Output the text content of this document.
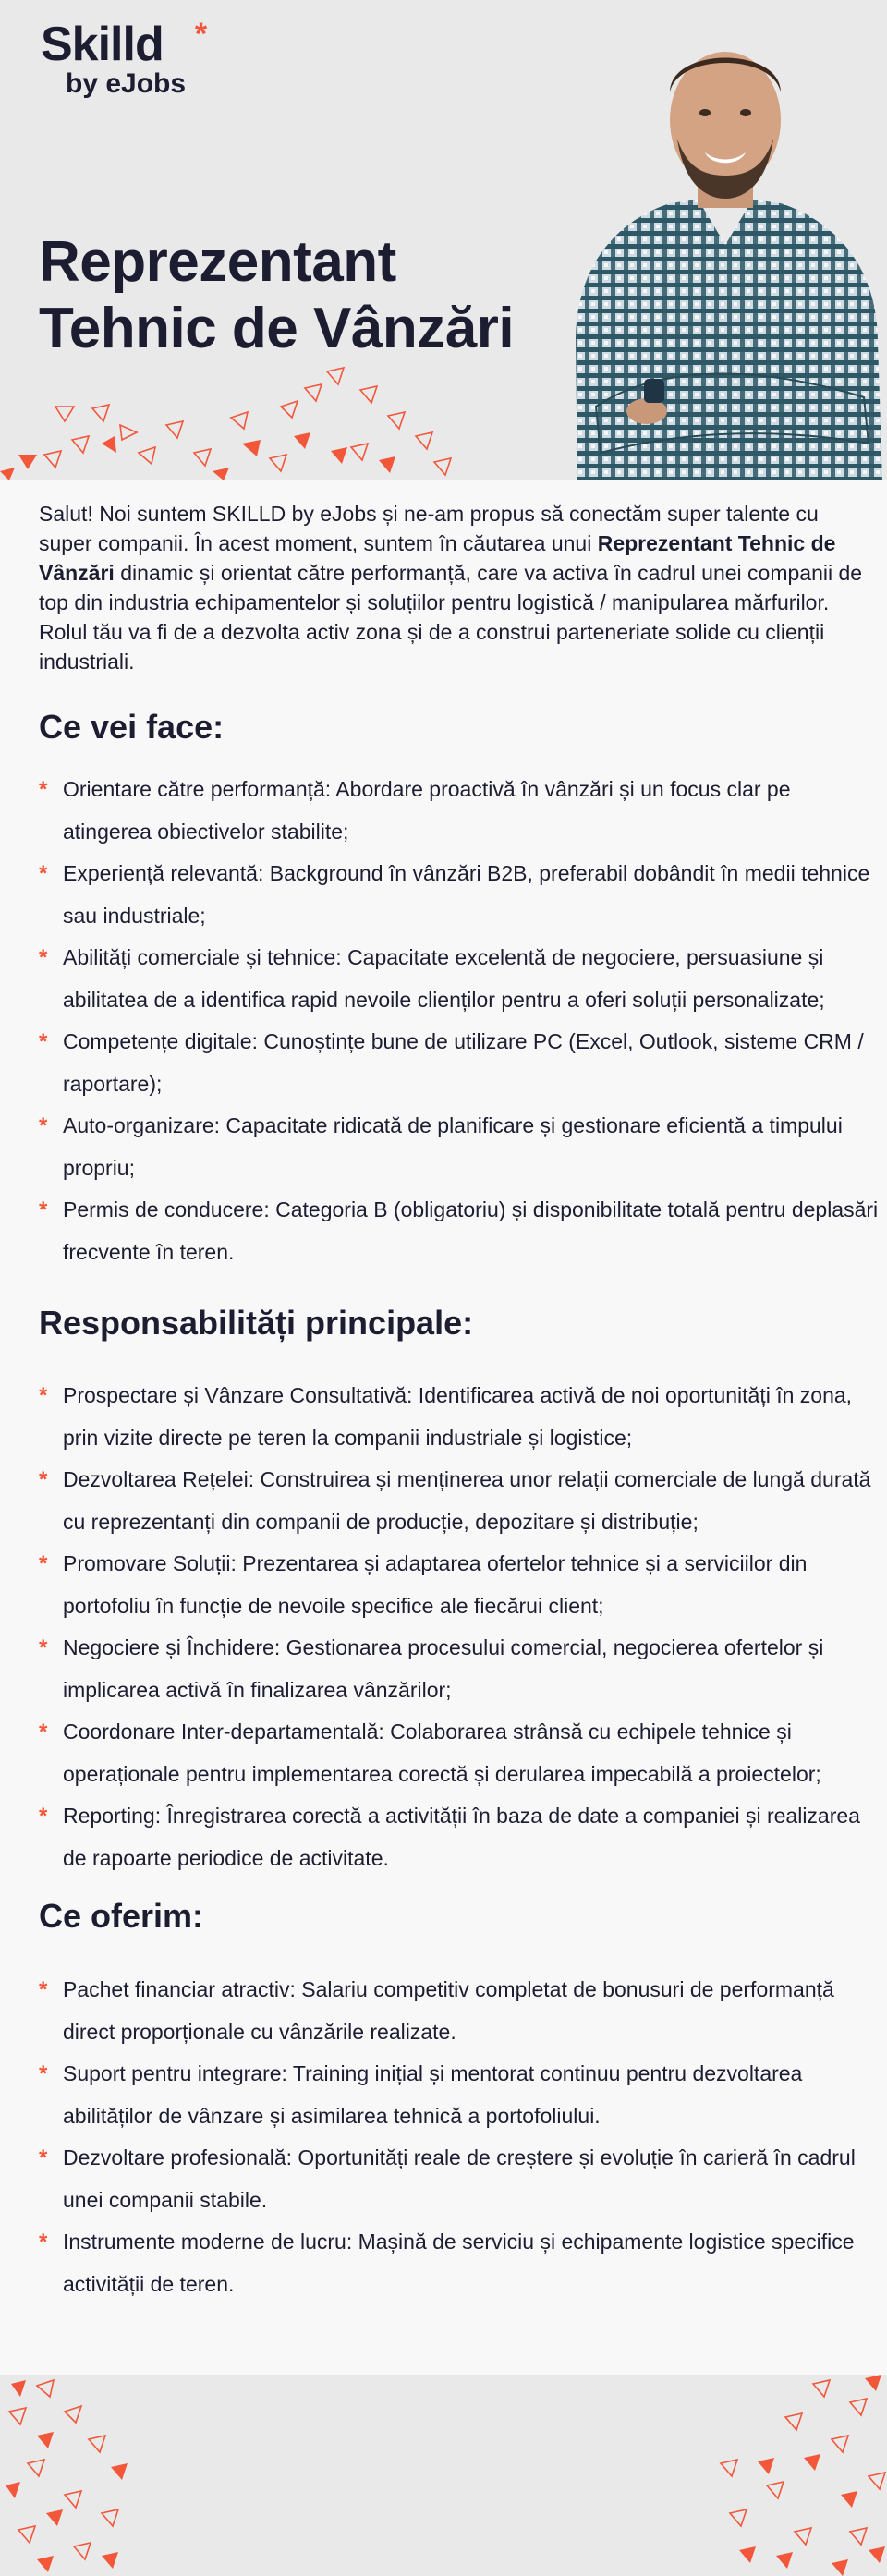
Skilld *
by eJobs
Reprezentant
Tehnic de Vânzări

Salut! Noi suntem SKILLD by eJobs și ne-am propus să conectăm super talente cu super companii. În acest moment, suntem în căutarea unui Reprezentant Tehnic de Vânzări dinamic și orientat către performanță, care va activa în cadrul unei companii de top din industria echipamentelor și soluțiilor pentru logistică / manipularea mărfurilor. Rolul tău va fi de a dezvolta activ zona și de a construi parteneriate solide cu clienții industriali.

Ce vei face:
* Orientare către performanță: Abordare proactivă în vânzări și un focus clar pe atingerea obiectivelor stabilite;
* Experiență relevantă: Background în vânzări B2B, preferabil dobândit în medii tehnice sau industriale;
* Abilități comerciale și tehnice: Capacitate excelentă de negociere, persuasiune și abilitatea de a identifica rapid nevoile clienților pentru a oferi soluții personalizate;
* Competențe digitale: Cunoștințe bune de utilizare PC (Excel, Outlook, sisteme CRM / raportare);
* Auto-organizare: Capacitate ridicată de planificare și gestionare eficientă a timpului propriu;
* Permis de conducere: Categoria B (obligatoriu) și disponibilitate totală pentru deplasări frecvente în teren.
Responsabilități principale:
* Prospectare și Vânzare Consultativă: Identificarea activă de noi oportunități în zona, prin vizite directe pe teren la companii industriale și logistice;
* Dezvoltarea Rețelei: Construirea și menținerea unor relații comerciale de lungă durată cu reprezentanți din companii de producție, depozitare și distribuție;
* Promovare Soluții: Prezentarea și adaptarea ofertelor tehnice și a serviciilor din portofoliu în funcție de nevoile specifice ale fiecărui client;
* Negociere și Închidere: Gestionarea procesului comercial, negocierea ofertelor și implicarea activă în finalizarea vânzărilor;
* Coordonare Inter-departamentală: Colaborarea strânsă cu echipele tehnice și operaționale pentru implementarea corectă și derularea impecabilă a proiectelor;
* Reporting: Înregistrarea corectă a activității în baza de date a companiei și realizarea de rapoarte periodice de activitate.
Ce oferim:
* Pachet financiar atractiv: Salariu competitiv completat de bonusuri de performanță direct proporționale cu vânzările realizate.
* Suport pentru integrare: Training inițial și mentorat continuu pentru dezvoltarea abilităților de vânzare și asimilarea tehnică a portofoliului.
* Dezvoltare profesională: Oportunități reale de creștere și evoluție în carieră în cadrul unei companii stabile.
* Instrumente moderne de lucru: Mașină de serviciu și echipamente logistice specifice activității de teren.
